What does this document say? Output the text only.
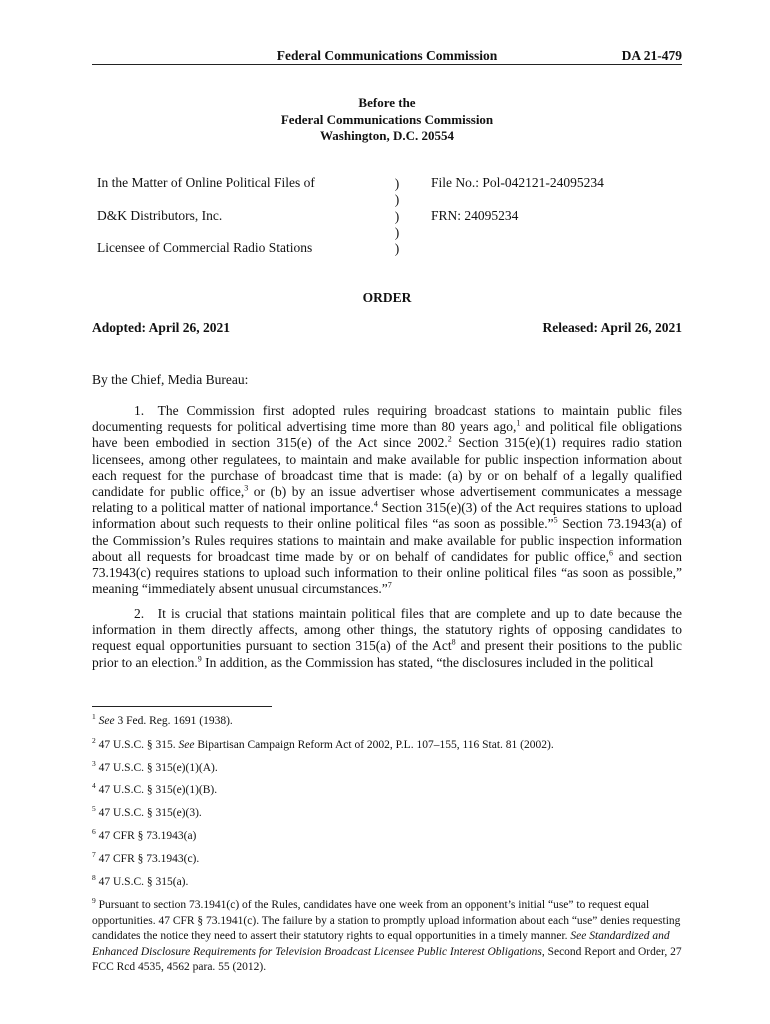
Federal Communications Commission	DA 21-479
Before the
Federal Communications Commission
Washington, D.C. 20554
In the Matter of Online Political Files of
D&K Distributors, Inc.
Licensee of Commercial Radio Stations
)
)
)
)
)
File No.: Pol-042121-24095234
FRN: 24095234
ORDER
Adopted: April 26, 2021	Released: April 26, 2021
By the Chief, Media Bureau:

1. The Commission first adopted rules requiring broadcast stations to maintain public files documenting requests for political advertising time more than 80 years ago,$^1$ and political file obligations have been embodied in section 315(e) of the Act since 2002.$^2$ Section 315(e)(1) requires radio station licensees, among other regulatees, to maintain and make available for public inspection information about each request for the purchase of broadcast time that is made: (a) by or on behalf of a legally qualified candidate for public office,$^3$ or (b) by an issue advertiser whose advertisement communicates a message relating to a political matter of national importance.$^4$ Section 315(e)(3) of the Act requires stations to upload information about such requests to their online political files “as soon as possible.”$^5$ Section 73.1943(a) of the Commission’s Rules requires stations to maintain and make available for public inspection information about all requests for broadcast time made by or on behalf of candidates for public office,$^6$ and section 73.1943(c) requires stations to upload such information to their online political files “as soon as possible,” meaning “immediately absent unusual circumstances.”$^7$

2. It is crucial that stations maintain political files that are complete and up to date because the information in them directly affects, among other things, the statutory rights of opposing candidates to request equal opportunities pursuant to section 315(a) of the Act$^8$ and present their positions to the public prior to an election.$^9$ In addition, as the Commission has stated, “the disclosures included in the political

$^1$ See 3 Fed. Reg. 1691 (1938).
$^2$ 47 U.S.C. § 315. See Bipartisan Campaign Reform Act of 2002, P.L. 107–155, 116 Stat. 81 (2002).
$^3$ 47 U.S.C. § 315(e)(1)(A).
$^4$ 47 U.S.C. § 315(e)(1)(B).
$^5$ 47 U.S.C. § 315(e)(3).
$^6$ 47 CFR § 73.1943(a)
$^7$ 47 CFR § 73.1943(c).
$^8$ 47 U.S.C. § 315(a).
$^9$ Pursuant to section 73.1941(c) of the Rules, candidates have one week from an opponent’s initial “use” to request equal opportunities. 47 CFR § 73.1941(c). The failure by a station to promptly upload information about each “use” denies requesting candidates the notice they need to assert their statutory rights to equal opportunities in a timely manner. See Standardized and Enhanced Disclosure Requirements for Television Broadcast Licensee Public Interest Obligations, Second Report and Order, 27 FCC Rcd 4535, 4562 para. 55 (2012).
